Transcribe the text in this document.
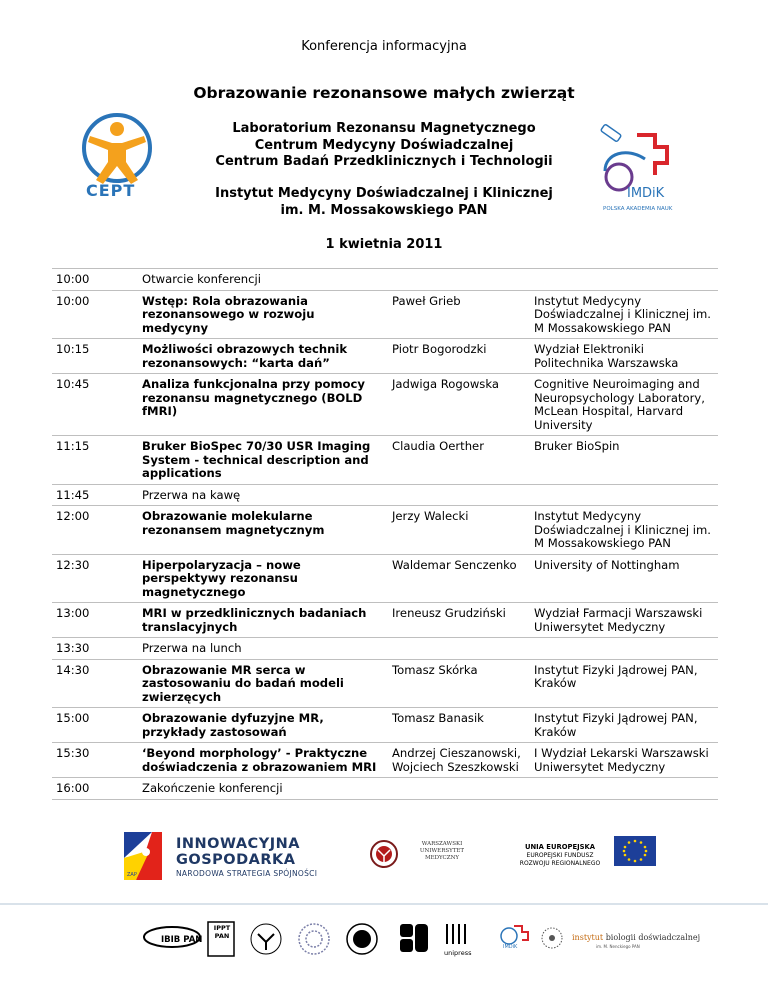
Konferencja informacyjna
Obrazowanie rezonansowe małych zwierząt
CEPT	IMDiK
POLSKA AKADEMIA NAUK
Laboratorium Rezonansu Magnetycznego
Centrum Medycyny Doświadczalnej
Centrum Badań Przedklinicznych i Technologii
Instytut Medycyny Doświadczalnej i Klinicznej
im. M. Mossakowskiego PAN
1 kwietnia 2011
10:00	Otwarcie konferencji		
10:00	Wstęp: Rola obrazowania rezonansowego w rozwoju medycyny	Paweł Grieb	Instytut Medycyny Doświadczalnej i Klinicznej im. M Mossakowskiego PAN
10:15	Możliwości obrazowych technik rezonansowych: “karta dań”	Piotr Bogorodzki	Wydział Elektroniki Politechnika Warszawska
10:45	Analiza funkcjonalna przy pomocy rezonansu magnetycznego (BOLD fMRI)	Jadwiga Rogowska	Cognitive Neuroimaging and Neuropsychology Laboratory, McLean Hospital, Harvard University
11:15	Bruker BioSpec 70/30 USR Imaging System - technical description and applications	Claudia Oerther	Bruker BioSpin
11:45	Przerwa na kawę		
12:00	Obrazowanie molekularne rezonansem magnetycznym	Jerzy Walecki	Instytut Medycyny Doświadczalnej i Klinicznej im. M Mossakowskiego PAN
12:30	Hiperpolaryzacja – nowe perspektywy rezonansu magnetycznego	Waldemar Senczenko	University of Nottingham
13:00	MRI w przedklinicznych badaniach translacyjnych	Ireneusz Grudziński	Wydział Farmacji Warszawski Uniwersytet Medyczny
13:30	Przerwa na lunch		
14:30	Obrazowanie MR serca w zastosowaniu do badań modeli zwierzęcych	Tomasz Skórka	Instytut Fizyki Jądrowej PAN, Kraków
15:00	Obrazowanie dyfuzyjne MR, przykłady zastosowań	Tomasz Banasik	Instytut Fizyki Jądrowej PAN, Kraków
15:30	‘Beyond morphology’ - Praktyczne doświadczenia z obrazowaniem MRI	Andrzej Cieszanowski, Wojciech Szeszkowski	I Wydział Lekarski Warszawski Uniwersytet Medyczny
16:00	Zakończenie konferencji		
ZAP
INNOWACYJNA
GOSPODARKA
NARODOWA STRATEGIA SPÓJNOŚCI
WARSZAWSKI
UNIWERSYTET
MEDYCZNY
UNIA EUROPEJSKA
EUROPEJSKI FUNDUSZ
ROZWOJU REGIONALNEGO
IBIB PAN
IPPT
PAN
unipress
IMDiK
instytut biologii doświadczalnej
im. M. Nenckiego PAN
